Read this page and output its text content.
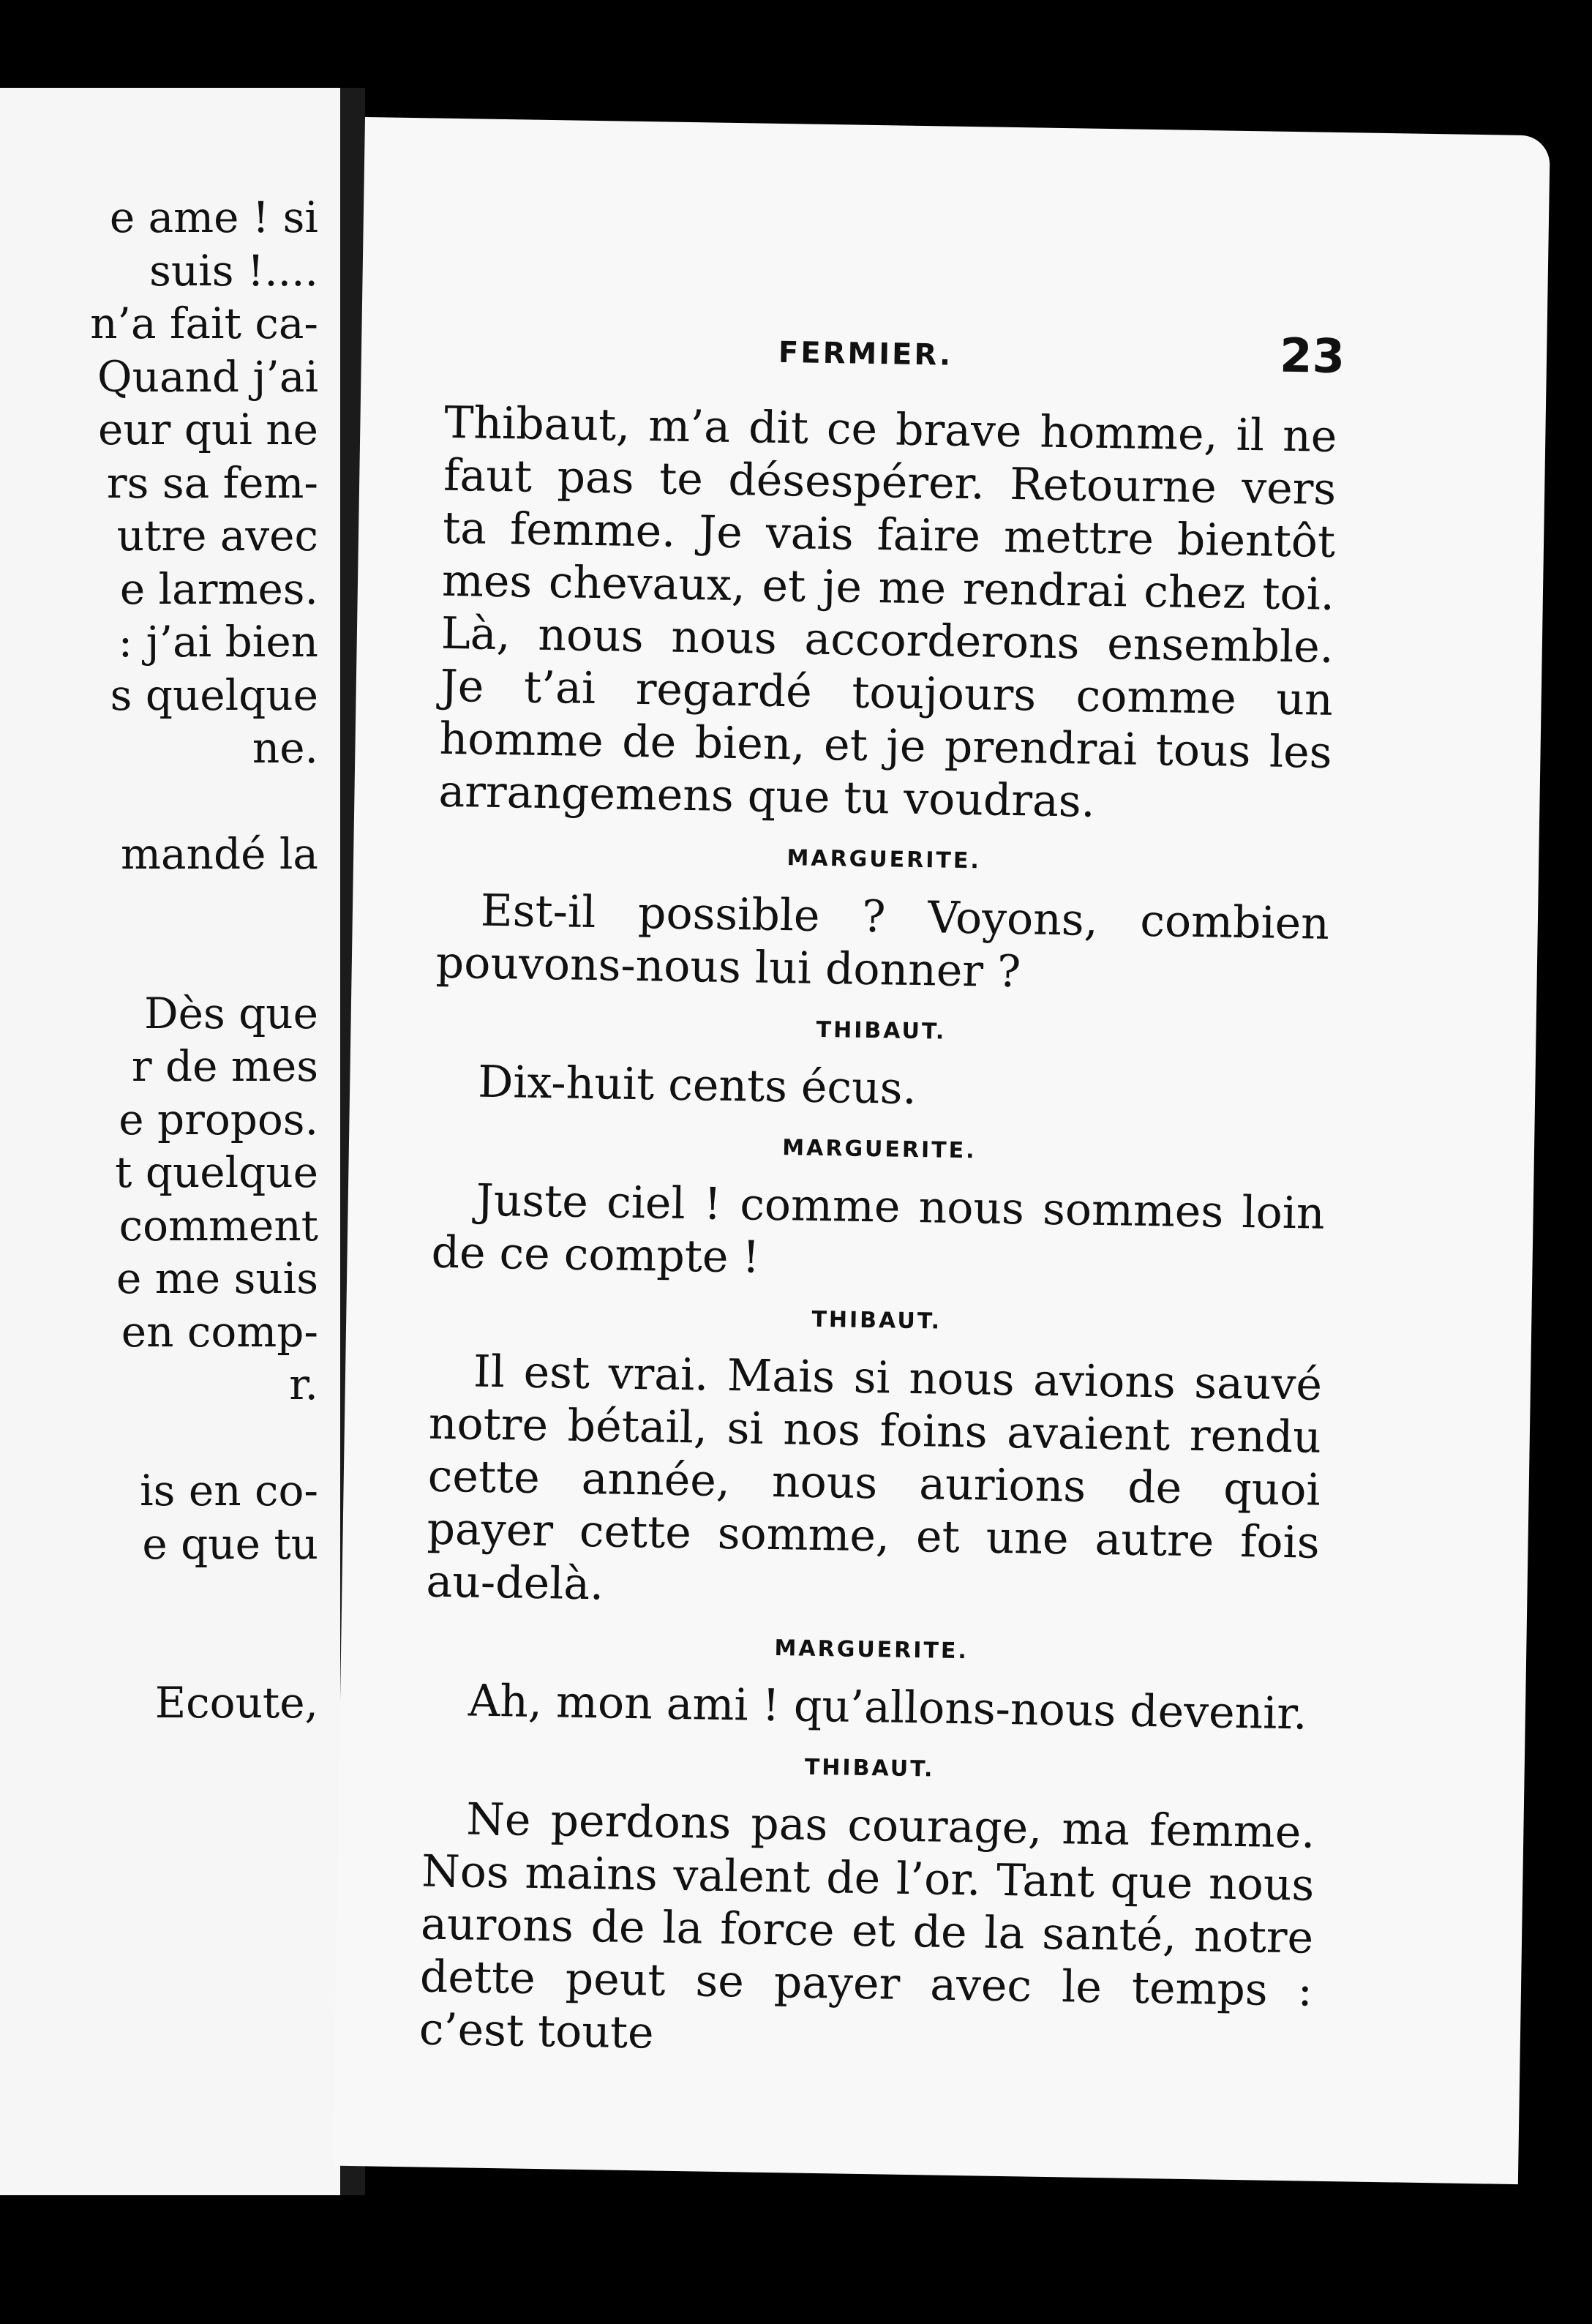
e ame ! si
suis !....
n’a fait ca-
Quand j’ai
eur qui ne
rs sa fem-
utre avec
e larmes.
: j’ai bien
s quelque
ne.
mandé la
Dès que
r de mes
e propos.
t quelque
comment
e me suis
en comp-
r.
is en co-
e que tu
Ecoute,
FERMIER.	23
Thibaut, m’a dit ce brave homme, il ne faut pas te désespérer. Retourne vers ta femme. Je vais faire mettre bientôt mes chevaux, et je me rendrai chez toi. Là, nous nous accorderons ensemble. Je t’ai regardé toujours comme un homme de bien, et je prendrai tous les arrangemens que tu voudras.
MARGUERITE.
Est-il possible ? Voyons, combien pouvons-nous lui donner ?
THIBAUT.
Dix-huit cents écus.
MARGUERITE.
Juste ciel ! comme nous sommes loin de ce compte !
THIBAUT.
Il est vrai. Mais si nous avions sauvé notre bétail, si nos foins avaient rendu cette année, nous aurions de quoi payer cette somme, et une autre fois au-delà.
MARGUERITE.
Ah, mon ami ! qu’allons-nous devenir.
THIBAUT.
Ne perdons pas courage, ma femme. Nos mains valent de l’or. Tant que nous aurons de la force et de la santé, notre dette peut se payer avec le temps : c’est toute
